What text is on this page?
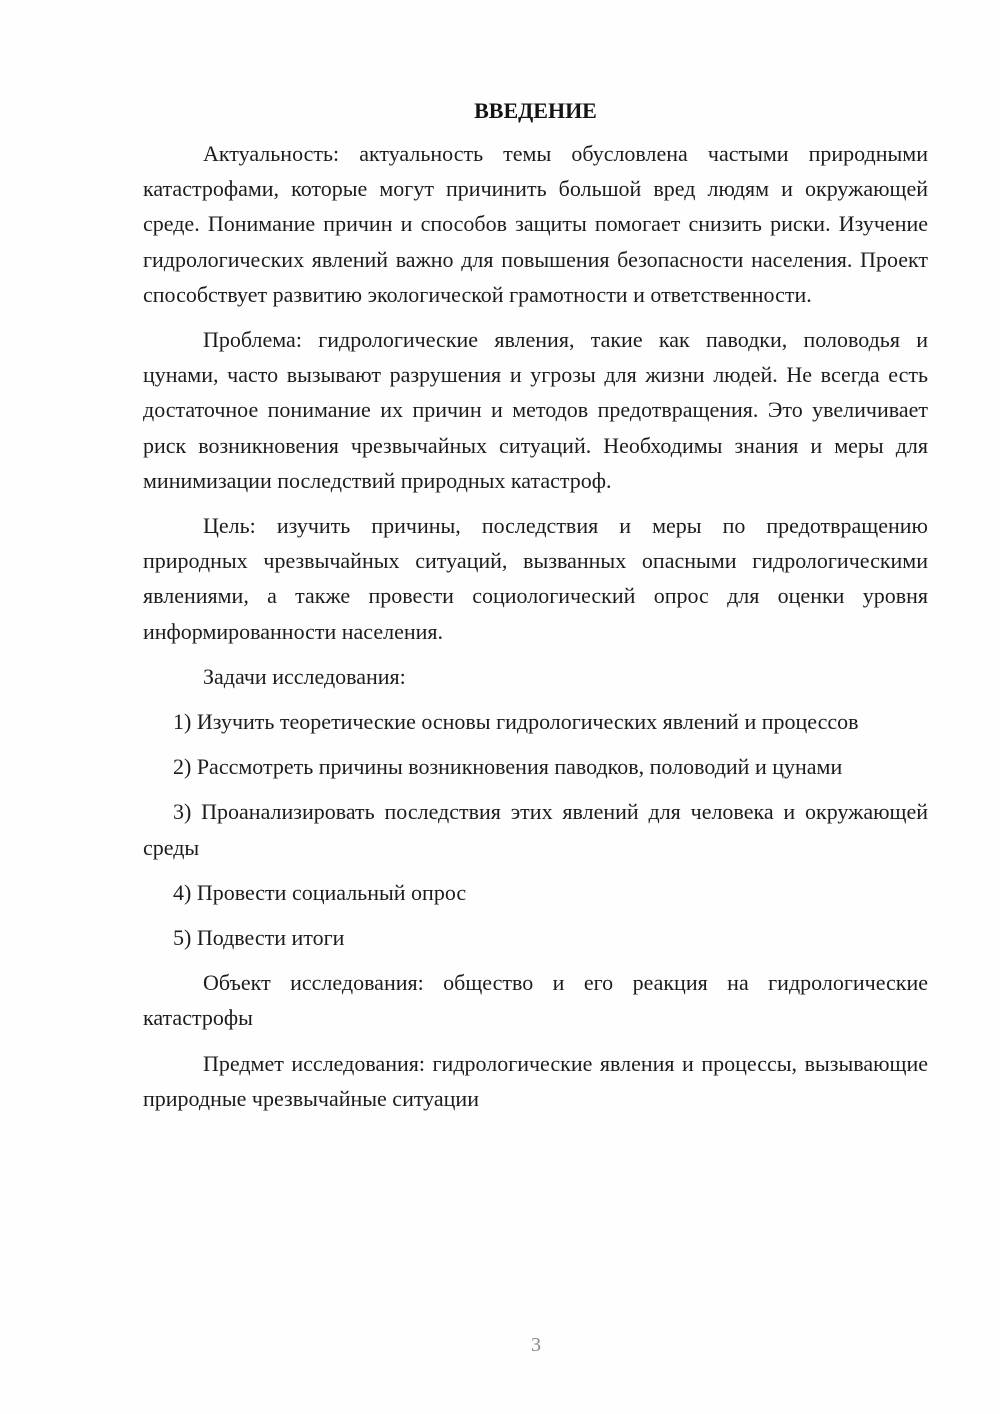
ВВЕДЕНИЕ

Актуальность: актуальность темы обусловлена частыми природными катастрофами, которые могут причинить большой вред людям и окружающей среде. Понимание причин и способов защиты помогает снизить риски. Изучение гидрологических явлений важно для повышения безопасности населения. Проект способствует развитию экологической грамотности и ответственности.

Проблема: гидрологические явления, такие как паводки, половодья и цунами, часто вызывают разрушения и угрозы для жизни людей. Не всегда есть достаточное понимание их причин и методов предотвращения. Это увеличивает риск возникновения чрезвычайных ситуаций. Необходимы знания и меры для минимизации последствий природных катастроф.

Цель: изучить причины, последствия и меры по предотвращению природных чрезвычайных ситуаций, вызванных опасными гидрологическими явлениями, а также провести социологический опрос для оценки уровня информированности населения.

Задачи исследования:

1) Изучить теоретические основы гидрологических явлений и процессов

2) Рассмотреть причины возникновения паводков, половодий и цунами

3) Проанализировать последствия этих явлений для человека и окружающей среды

4) Провести социальный опрос

5) Подвести итоги

Объект исследования: общество и его реакция на гидрологические катастрофы

Предмет исследования: гидрологические явления и процессы, вызывающие природные чрезвычайные ситуации

3
